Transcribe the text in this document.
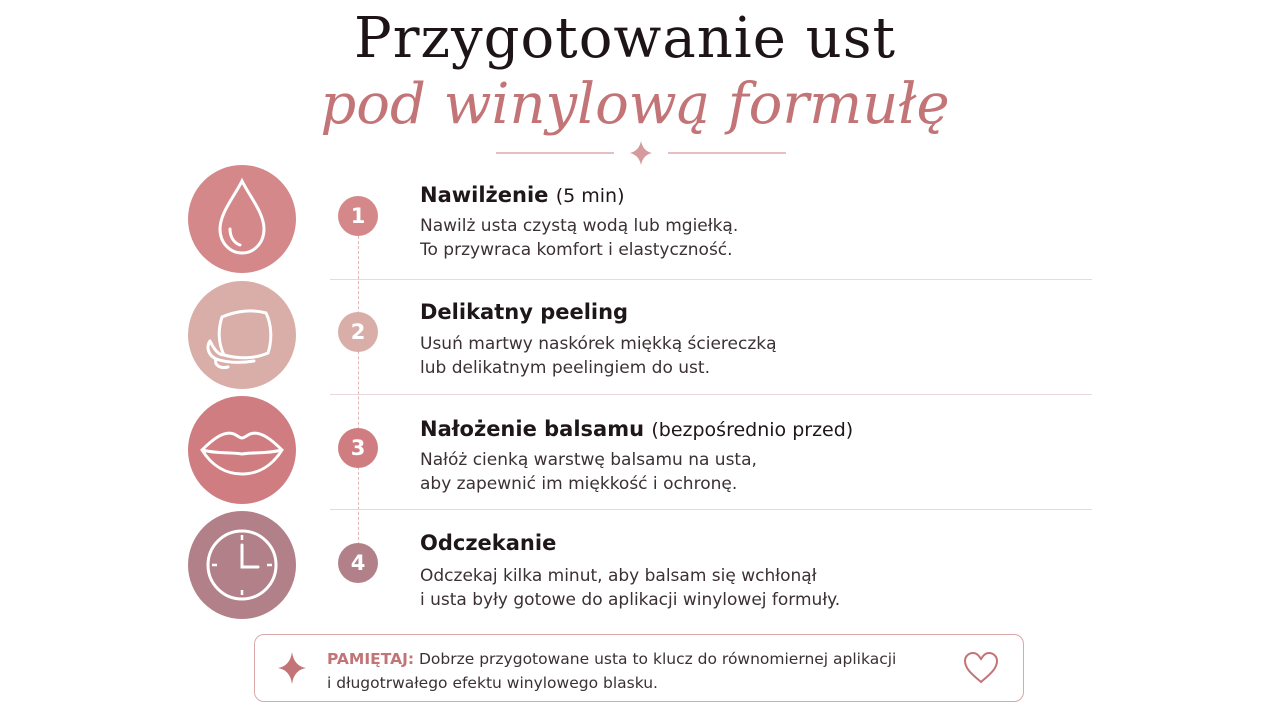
Przygotowanie ust
pod winylową formułę
1
2
3
4
Nawilżenie (5 min)
Nawilż usta czystą wodą lub mgiełką.
To przywraca komfort i elastyczność.
Delikatny peeling
Usuń martwy naskórek miękką ściereczką
lub delikatnym peelingiem do ust.
Nałożenie balsamu (bezpośrednio przed)
Nałóż cienką warstwę balsamu na usta,
aby zapewnić im miękkość i ochronę.
Odczekanie
Odczekaj kilka minut, aby balsam się wchłonął
i usta były gotowe do aplikacji winylowej formuły.
PAMIĘTAJ: Dobrze przygotowane usta to klucz do równomiernej aplikacji
i długotrwałego efektu winylowego blasku.
